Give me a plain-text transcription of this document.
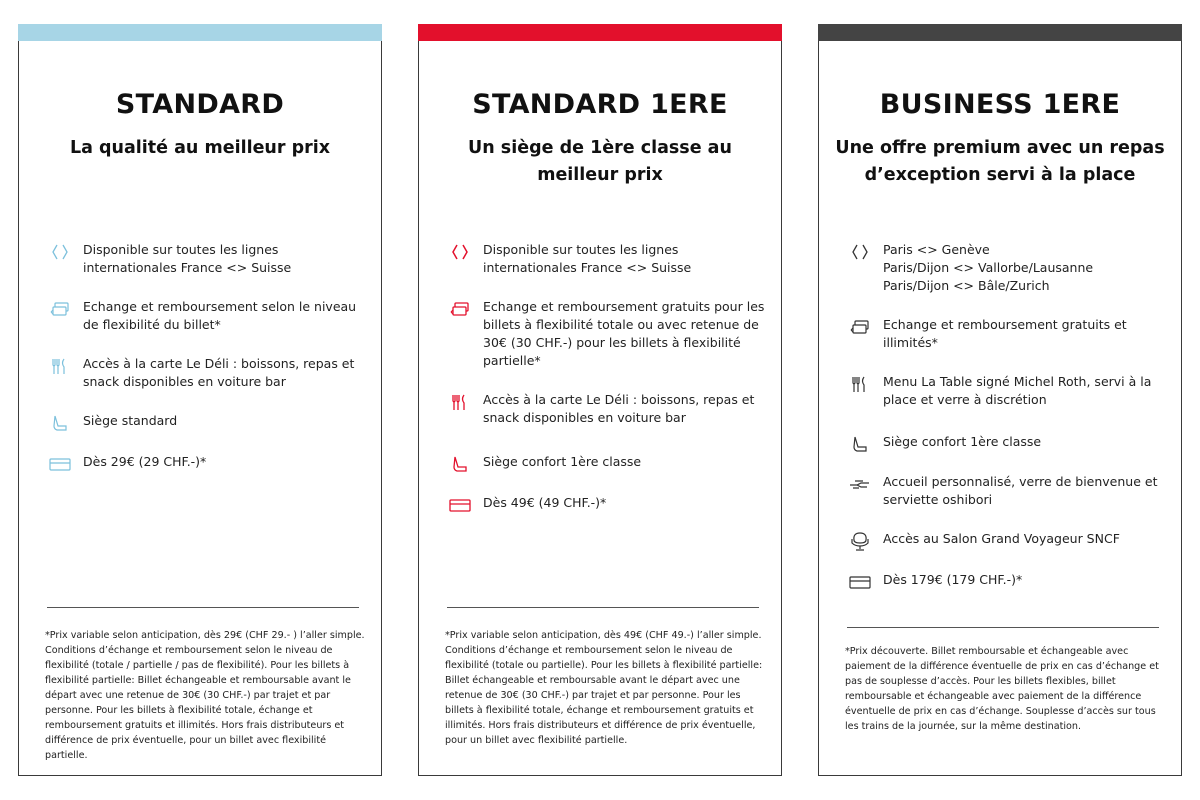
STANDARD
La qualité au meilleur prix
Disponible sur toutes les lignes
internationales France <> Suisse
Echange et remboursement selon le niveau
de flexibilité du billet*
Accès à la carte Le Déli : boissons, repas et
snack disponibles en voiture bar
Siège standard
Dès 29€ (29 CHF.-)*
*Prix variable selon anticipation, dès 29€ (CHF 29.- ) l’aller simple. Conditions d’échange et remboursement selon le niveau de flexibilité (totale / partielle / pas de flexibilité). Pour les billets à flexibilité partielle: Billet échangeable et remboursable avant le départ avec une retenue de 30€ (30 CHF.-) par trajet et par personne. Pour les billets à flexibilité totale, échange et remboursement gratuits et illimités. Hors frais distributeurs et différence de prix éventuelle, pour un billet avec flexibilité partielle.
STANDARD 1ERE
Un siège de 1ère classe au meilleur prix
Disponible sur toutes les lignes
internationales France <> Suisse
Echange et remboursement gratuits pour les
billets à flexibilité totale ou avec retenue de
30€ (30 CHF.-) pour les billets à flexibilité
partielle*
Accès à la carte Le Déli : boissons, repas et
snack disponibles en voiture bar
Siège confort 1ère classe
Dès 49€ (49 CHF.-)*
*Prix variable selon anticipation, dès 49€ (CHF 49.-) l’aller simple. Conditions d’échange et remboursement selon le niveau de flexibilité (totale ou partielle). Pour les billets à flexibilité partielle: Billet échangeable et remboursable avant le départ avec une retenue de 30€ (30 CHF.-) par trajet et par personne. Pour les billets à flexibilité totale, échange et remboursement gratuits et illimités. Hors frais distributeurs et différence de prix éventuelle, pour un billet avec flexibilité partielle.
BUSINESS 1ERE
Une offre premium avec un repas d’exception servi à la place
Paris <> Genève
Paris/Dijon <> Vallorbe/Lausanne
Paris/Dijon <> Bâle/Zurich
Echange et remboursement gratuits et
illimités*
Menu La Table signé Michel Roth, servi à la
place et verre à discrétion
Siège confort 1ère classe
Accueil personnalisé, verre de bienvenue et
serviette oshibori
Accès au Salon Grand Voyageur SNCF
Dès 179€ (179 CHF.-)*
*Prix découverte. Billet remboursable et échangeable avec paiement de la différence éventuelle de prix en cas d’échange et pas de souplesse d’accès. Pour les billets flexibles, billet remboursable et échangeable avec paiement de la différence éventuelle de prix en cas d’échange. Souplesse d’accès sur tous les trains de la journée, sur la même destination.
